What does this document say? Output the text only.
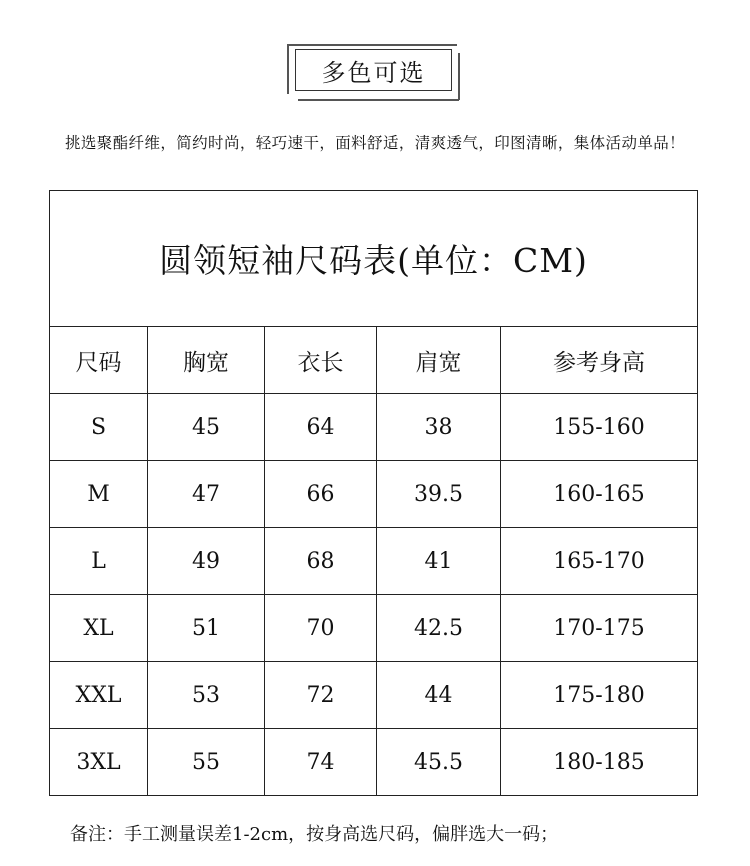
多色可选
挑选聚酯纤维，简约时尚，轻巧速干，面料舒适，清爽透气，印图清晰，集体活动单品！
圆领短袖尺码表(单位：CM)				
尺码	胸宽	衣长	肩宽	参考身高
S	45	64	38	155-160
M	47	66	39.5	160-165
L	49	68	41	165-170
XL	51	70	42.5	170-175
XXL	53	72	44	175-180
3XL	55	74	45.5	180-185
备注：手工测量误差1-2cm，按身高选尺码，偏胖选大一码；
